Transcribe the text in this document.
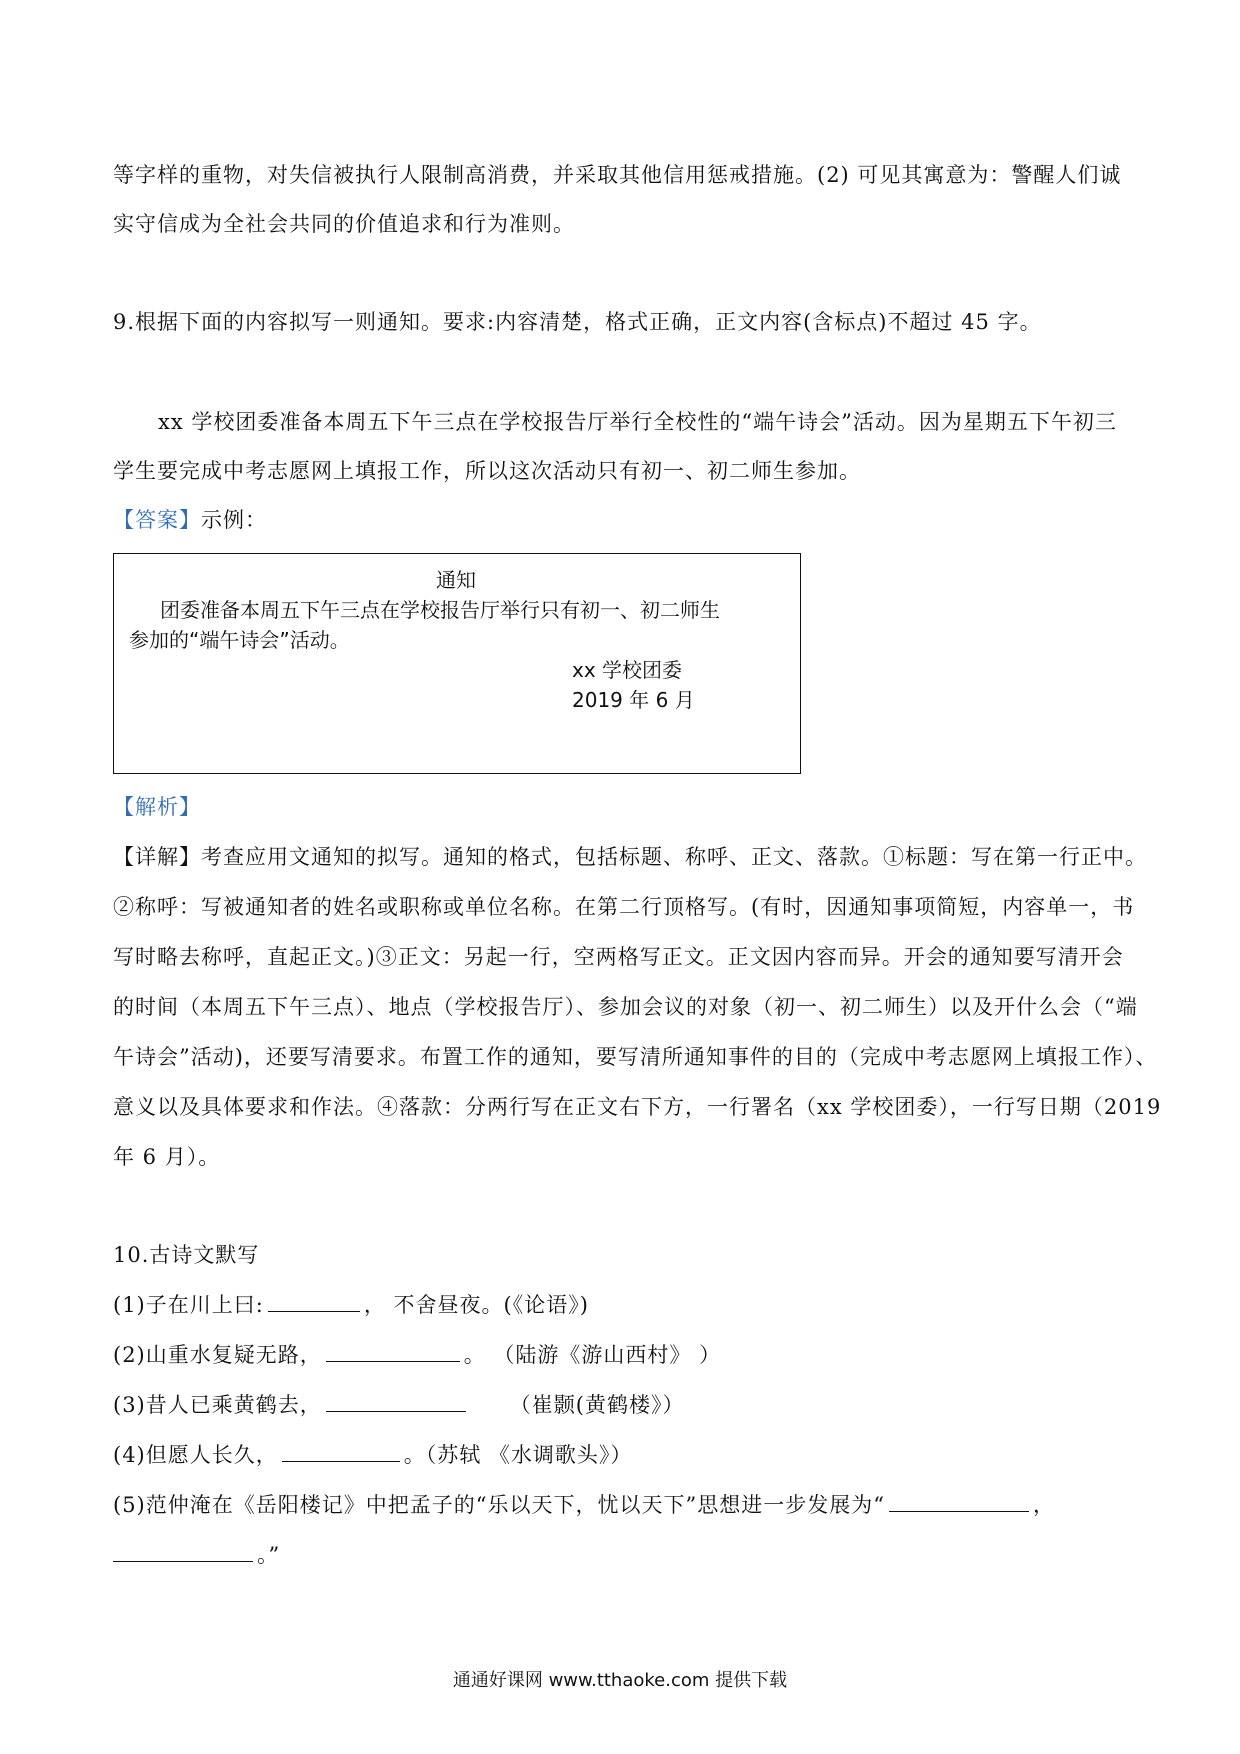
等字样的重物，对失信被执行人限制高消费，并采取其他信用惩戒措施。(2) 可见其寓意为：警醒人们诚
实守信成为全社会共同的价值追求和行为准则。
9.根据下面的内容拟写一则通知。要求:内容清楚，格式正确，正文内容(含标点)不超过 45 字。
xx 学校团委准备本周五下午三点在学校报告厅举行全校性的“端午诗会”活动。因为星期五下午初三
学生要完成中考志愿网上填报工作，所以这次活动只有初一、初二师生参加。
【答案】示例：
通知
团委准备本周五下午三点在学校报告厅举行只有初一、初二师生
参加的“端午诗会”活动。
xx 学校团委
2019 年 6 月
【解析】
【详解】考查应用文通知的拟写。通知的格式，包括标题、称呼、正文、落款。①标题：写在第一行正中。
②称呼：写被通知者的姓名或职称或单位名称。在第二行顶格写。(有时，因通知事项简短，内容单一，书
写时略去称呼，直起正文。)③正文：另起一行，空两格写正文。正文因内容而异。开会的通知要写清开会
的时间（本周五下午三点）、地点（学校报告厅）、参加会议的对象（初一、初二师生）以及开什么会（“端
午诗会”活动)，还要写清要求。布置工作的通知，要写清所通知事件的目的（完成中考志愿网上填报工作）、
意义以及具体要求和作法。④落款：分两行写在正文右下方，一行署名（xx 学校团委），一行写日期（2019
年 6 月）。
10.古诗文默写
(1)子在川上曰:	， 不舍昼夜。(《论语》)
(2)山重水复疑无路，	。 （陆游《游山西村》 ）
(3)昔人已乘黄鹤去，	（崔颢(黄鹤楼》）
(4)但愿人长久，	。（苏轼 《水调歌头》）
(5)范仲淹在《岳阳楼记》中把孟子的“乐以天下，忧以天下”思想进一步发展为“	，
。”
通通好课网 www.tthaoke.com 提供下载
